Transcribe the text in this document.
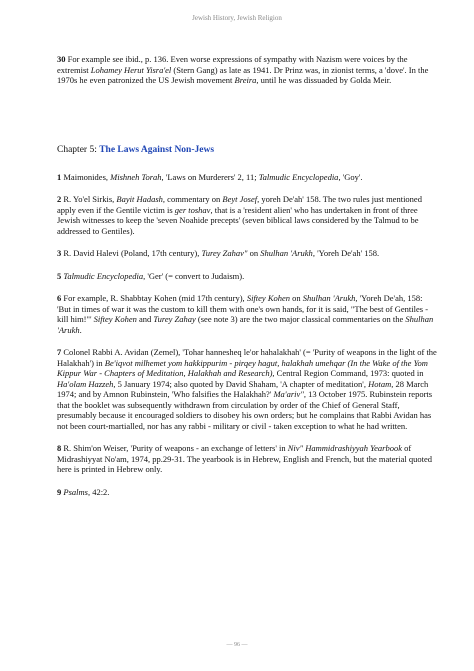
Jewish History, Jewish Religion

30 For example see ibid., p. 136. Even worse expressions of sympathy with Nazism were voices by the extremist Lohamey Herut Yisra'el (Stern Gang) as late as 1941. Dr Prinz was, in zionist terms, a 'dove'. In the 1970s he even patronized the US Jewish movement Breira, until he was dissuaded by Golda Meir.

Chapter 5: The Laws Against Non-Jews

1 Maimonides, Mishneh Torah, 'Laws on Murderers' 2, 11; Talmudic Encyclopedia, 'Goy'.

2 R. Yo'el Sirkis, Bayit Hadash, commentary on Beyt Josef, yoreh De'ah' 158. The two rules just mentioned apply even if the Gentile victim is ger toshav, that is a 'resident alien' who has undertaken in front of three Jewish witnesses to keep the 'seven Noahide precepts' (seven biblical laws considered by the Talmud to be addressed to Gentiles).

3 R. David Halevi (Poland, 17th century), Turey Zahav" on Shulhan 'Arukh, 'Yoreh De'ah' 158.

5 Talmudic Encyclopedia, 'Ger' (= convert to Judaism).

6 For example, R. Shabbtay Kohen (mid 17th century), Siftey Kohen on Shulhan 'Arukh, 'Yoreh De'ah, 158: 'But in times of war it was the custom to kill them with one's own hands, for it is said, "The best of Gentiles - kill him!"' Siftey Kohen and Turey Zahay (see note 3) are the two major classical commentaries on the Shulhan 'Arukh.

7 Colonel Rabbi A. Avidan (Zemel), 'Tohar hannesheq le'or hahalakhah' (= 'Purity of weapons in the light of the Halakhah') in Be'iqvot milhemet yom hakkippurim - pirqey hagut, halakhah umehqar (In the Wake of the Yom Kippur War - Chapters of Meditation, Halakhah and Research), Central Region Command, 1973: quoted in Ha'olam Hazzeh, 5 January 1974; also quoted by David Shaham, 'A chapter of meditation', Hotam, 28 March 1974; and by Amnon Rubinstein, 'Who falsifies the Halakhah?' Ma'ariv", 13 October 1975. Rubinstein reports that the booklet was subsequently withdrawn from circulation by order of the Chief of General Staff, presumably because it encouraged soldiers to disobey his own orders; but he complains that Rabbi Avidan has not been court-martialled, nor has any rabbi - military or civil - taken exception to what he had written.

8 R. Shim'on Weiser, 'Purity of weapons - an exchange of letters' in Niv" Hammidrashiyyah Yearbook of Midrashiyyat No'am, 1974, pp.29-31. The yearbook is in Hebrew, English and French, but the material quoted here is printed in Hebrew only.

9 Psalms, 42:2.

— 96 —
